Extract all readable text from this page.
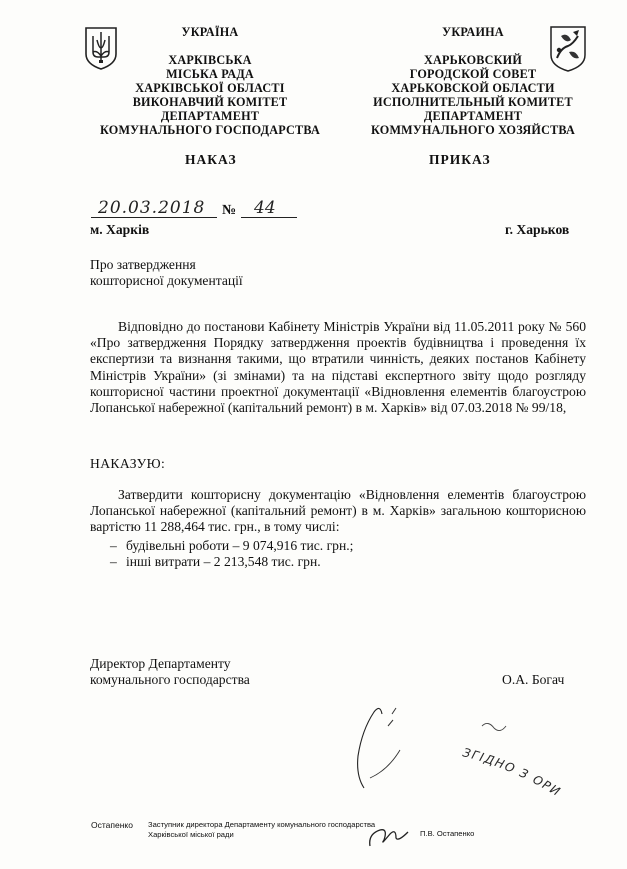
УКРАЇНА
ХАРКІВСЬКА
МІСЬКА РАДА
ХАРКІВСЬКОЇ ОБЛАСТІ
ВИКОНАВЧИЙ КОМІТЕТ
ДЕПАРТАМЕНТ
КОМУНАЛЬНОГО ГОСПОДАРСТВА
УКРАИНА
ХАРЬКОВСКИЙ
ГОРОДСКОЙ СОВЕТ
ХАРЬКОВСКОЙ ОБЛАСТИ
ИСПОЛНИТЕЛЬНЫЙ КОМИТЕТ
ДЕПАРТАМЕНТ
КОММУНАЛЬНОГО ХОЗЯЙСТВА
НАКАЗ	ПРИКАЗ
20.03.2018 № 44
м. Харків	г. Харьков
Про затвердження
кошторисної документації
Відповідно до постанови Кабінету Міністрів України від 11.05.2011 року № 560 «Про затвердження Порядку затвердження проектів будівництва і проведення їх експертизи та визнання такими, що втратили чинність, деяких постанов Кабінету Міністрів України» (зі змінами) та на підставі експертного звіту щодо розгляду кошторисної частини проектної документації «Відновлення елементів благоустрою Лопанської набережної (капітальний ремонт) в м. Харків» від 07.03.2018 № 99/18,
НАКАЗУЮ:
Затвердити кошторисну документацію «Відновлення елементів благоустрою Лопанської набережної (капітальний ремонт) в м. Харків» загальною кошторисною вартістю 11 288,464 тис. грн., в тому числі:
– будівельні роботи – 9 074,916 тис. грн.;
– інші витрати – 2 213,548 тис. грн.
Директор Департаменту
комунального господарства	О.А. Богач
ЗГІДНО З ОРИ
Остапенко Заступник директора Департаменту комунального господарства
Харківської міської ради	П.В. Остапенко
